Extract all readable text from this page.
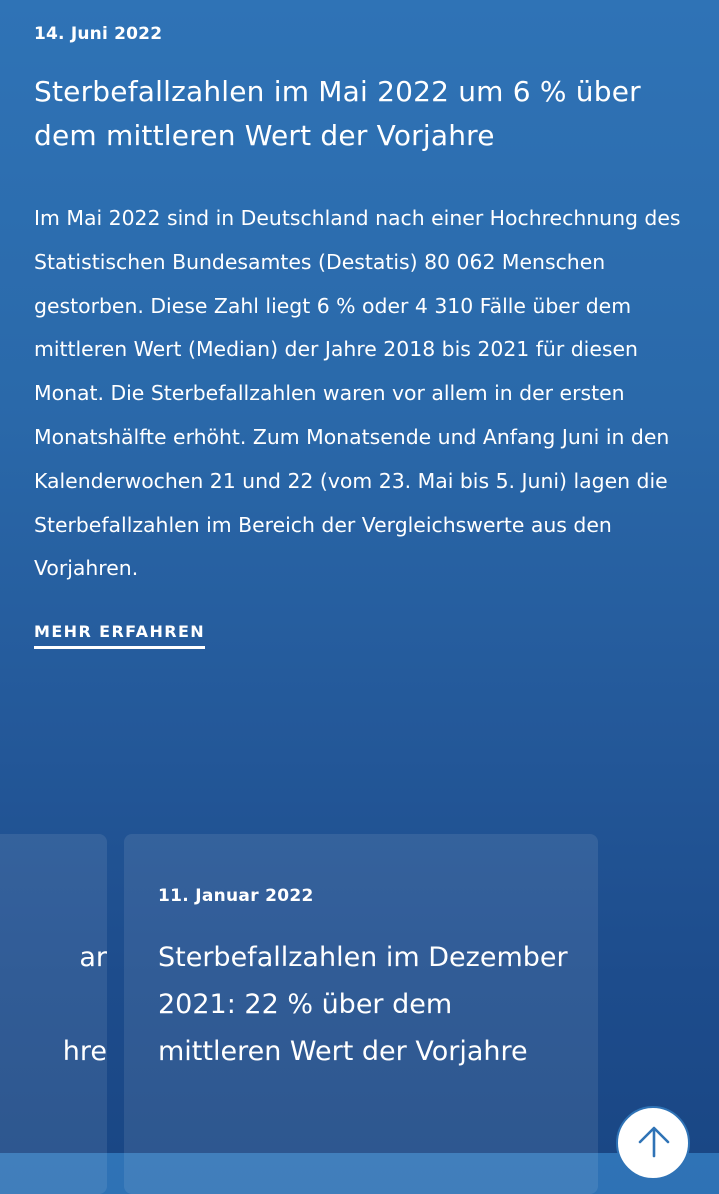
14. Juni 2022

Sterbefallzahlen im Mai 2022 um 6 % über dem mittleren Wert der Vorjahre

Im Mai 2022 sind in Deutschland nach einer Hochrechnung des Statistischen Bundesamtes (Destatis) 80 062 Menschen gestorben. Diese Zahl liegt 6 % oder 4 310 Fälle über dem mittleren Wert (Median) der Jahre 2018 bis 2021 für diesen Monat. Die Sterbefallzahlen waren vor allem in der ersten Monatshälfte erhöht. Zum Monatsende und Anfang Juni in den Kalenderwochen 21 und 22 (vom 23. Mai bis 5. Juni) lagen die Sterbefallzahlen im Bereich der Vergleichswerte aus den Vorjahren.

MEHR ERFAHREN

ar

hre

11. Januar 2022

Sterbefallzahlen im Dezember 2021: 22 % über dem mittleren Wert der Vorjahre
